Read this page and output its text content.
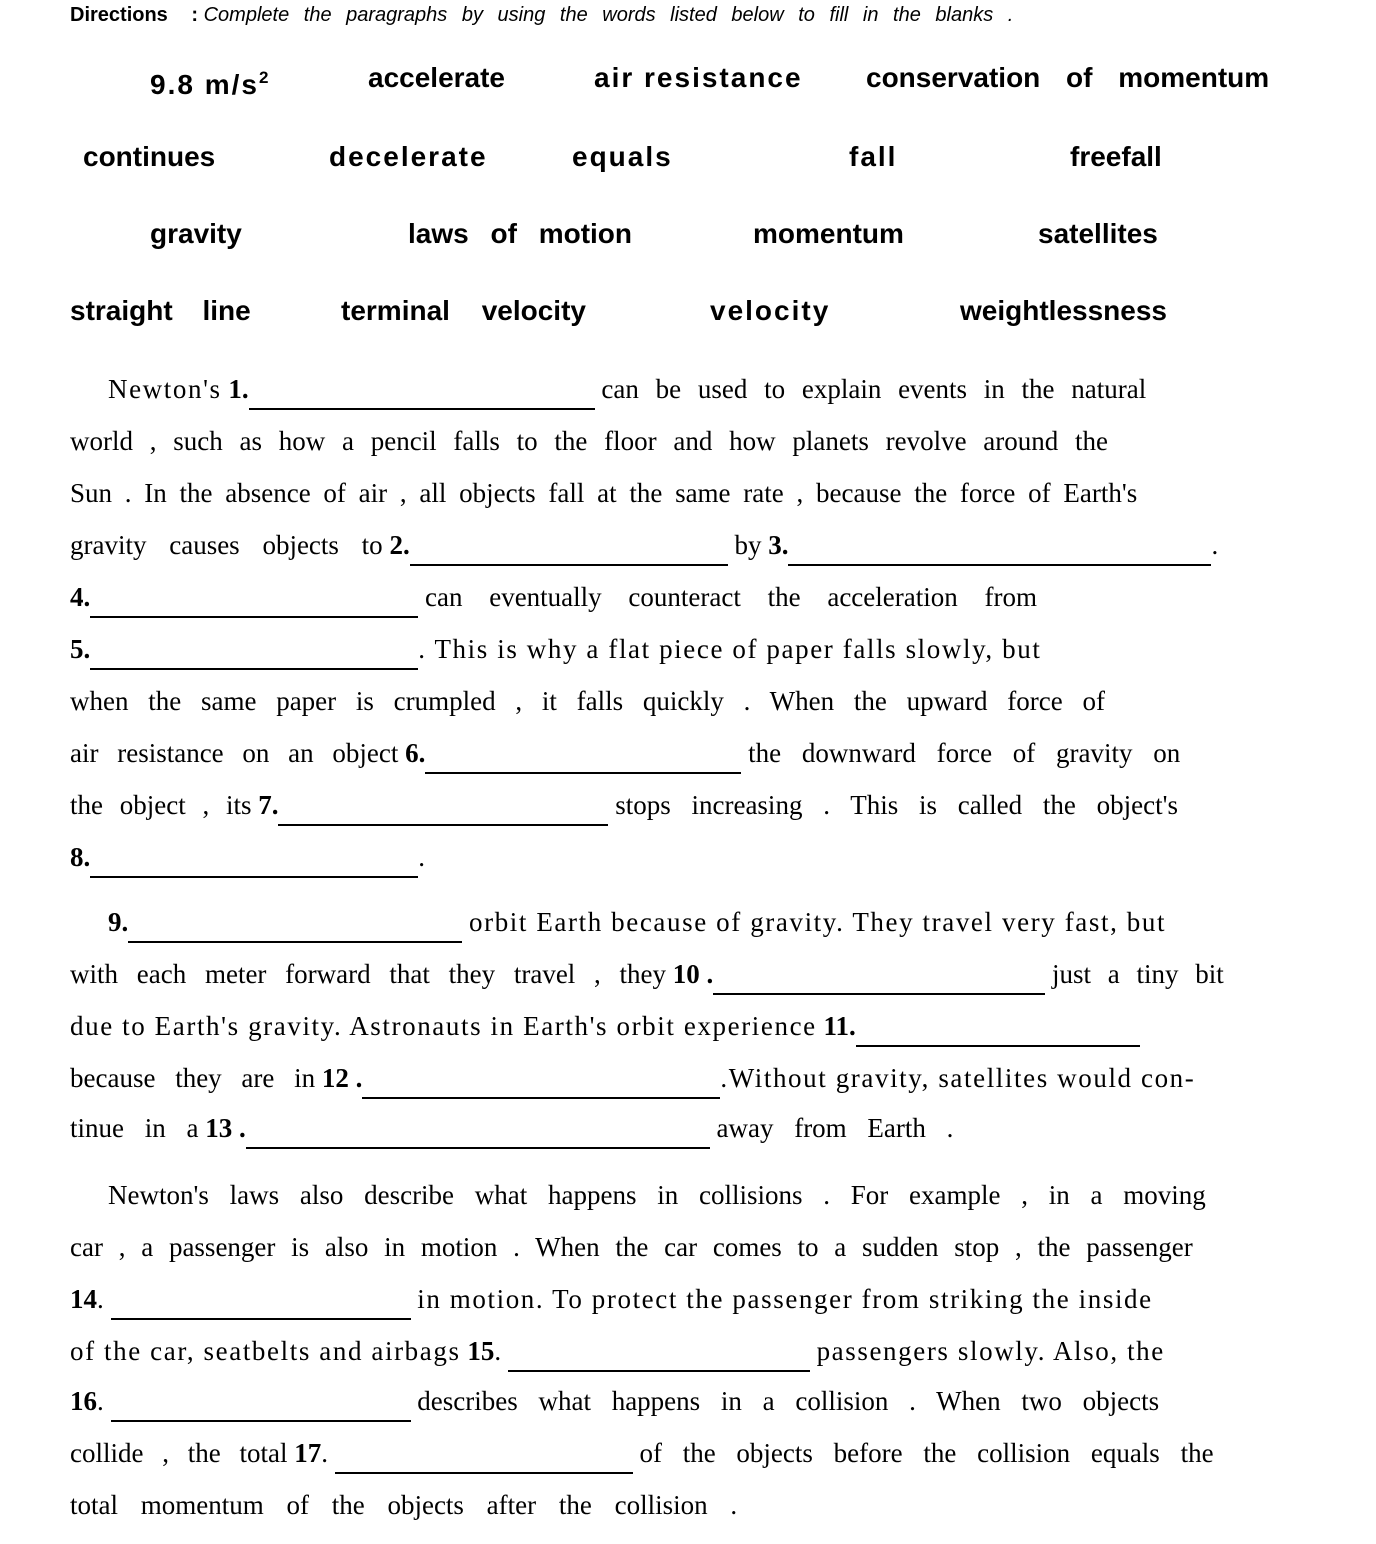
Directions : Complete the paragraphs by using the words listed below to fill in the blanks .
9.8 $m/s^2$	accelerate	air resistance conservation of momentum
continues	decelerate	equals	fall	freefall
gravity	laws of motion	momentum	satellites
straight line	terminal velocity	velocity	weightlessness
Newton's 1.	can be used to explain events in the natural
world , such as how a pencil falls to the floor and how planets revolve around the
Sun . In the absence of air , all objects fall at the same rate , because the force of Earth's
gravity causes objects to 2.	by 3.	.
4.	can eventually counteract the acceleration from
5.	. This is why a flat piece of paper falls slowly, but
when the same paper is crumpled , it falls quickly . When the upward force of
air resistance on an object 6.	the downward force of gravity on
the object , its 7.	stops increasing . This is called the object's
8.	.
9.	orbit Earth because of gravity. They travel very fast, but
with each meter forward that they travel , they 10 .	just a tiny bit
due to Earth's gravity. Astronauts in Earth's orbit experience 11.
because they are in 12 .	.Without gravity, satellites would con-
tinue in a 13 .	away from Earth .
Newton's laws also describe what happens in collisions . For example , in a moving
car , a passenger is also in motion . When the car comes to a sudden stop , the passenger
14.	in motion. To protect the passenger from striking the inside
of the car, seatbelts and airbags 15.	passengers slowly. Also, the
16.	describes what happens in a collision . When two objects
collide , the total 17.	of the objects before the collision equals the
total momentum of the objects after the collision .
